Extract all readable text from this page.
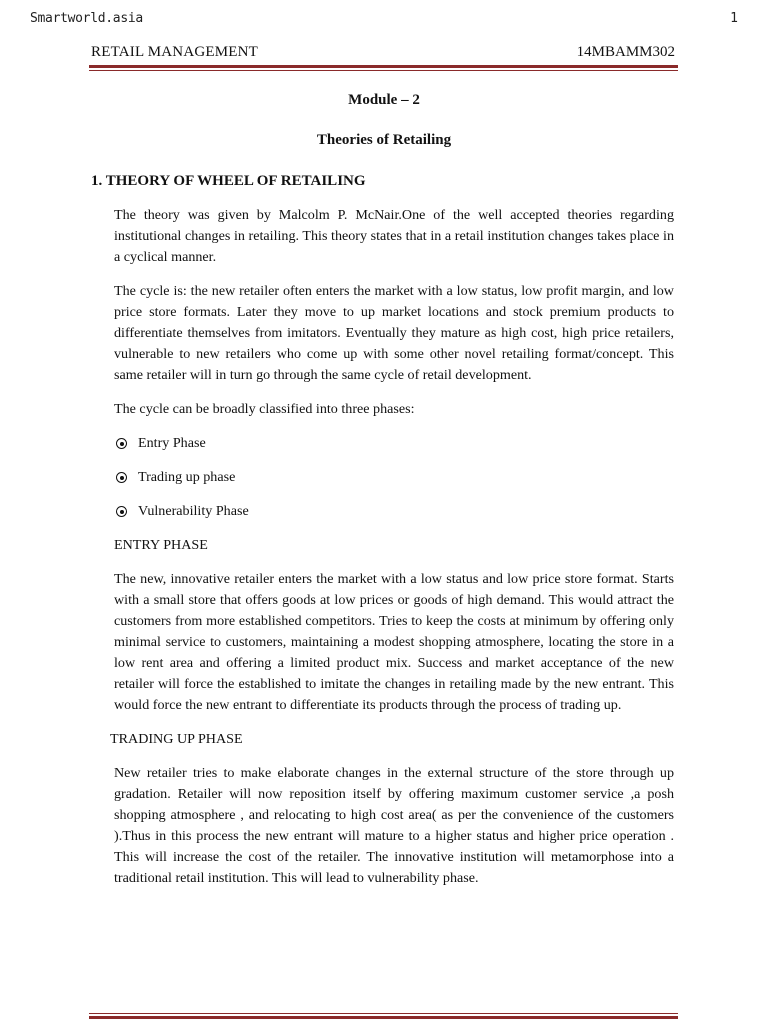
Smartworld.asia	1
RETAIL MANAGEMENT	14MBAMM302
Module – 2
Theories of Retailing
1. THEORY OF WHEEL OF RETAILING

The theory was given by Malcolm P. McNair.One of the well accepted theories regarding institutional changes in retailing. This theory states that in a retail institution changes takes place in a cyclical manner.

The cycle is: the new retailer often enters the market with a low status, low profit margin, and low price store formats. Later they move to up market locations and stock premium products to differentiate themselves from imitators. Eventually they mature as high cost, high price retailers, vulnerable to new retailers who come up with some other novel retailing format/concept. This same retailer will in turn go through the same cycle of retail development.

The cycle can be broadly classified into three phases:

Entry Phase
Trading up phase
Vulnerability Phase
ENTRY PHASE

The new, innovative retailer enters the market with a low status and low price store format. Starts with a small store that offers goods at low prices or goods of high demand. This would attract the customers from more established competitors. Tries to keep the costs at minimum by offering only minimal service to customers, maintaining a modest shopping atmosphere, locating the store in a low rent area and offering a limited product mix. Success and market acceptance of the new retailer will force the established to imitate the changes in retailing made by the new entrant. This would force the new entrant to differentiate its products through the process of trading up.

TRADING UP PHASE

New retailer tries to make elaborate changes in the external structure of the store through up gradation. Retailer will now reposition itself by offering maximum customer service ,a posh shopping atmosphere , and relocating to high cost area( as per the convenience of the customers ).Thus in this process the new entrant will mature to a higher status and higher price operation . This will increase the cost of the retailer. The innovative institution will metamorphose into a traditional retail institution. This will lead to vulnerability phase.
